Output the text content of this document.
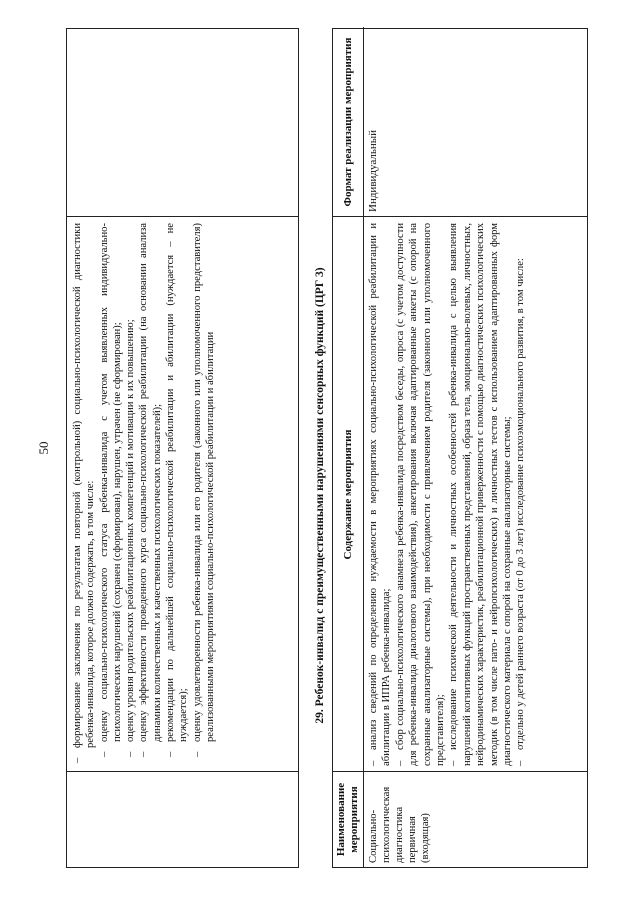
50
–
формирование заключения по результатам повторной (контрольной) социально-психологической диагностики ребенка-инвалида, которое должно содержать, в том числе:
–
оценку социально-психологического статуса ребенка-инвалида с учетом выявленных индивидуально-психологических нарушений (сохранен (сформирован), нарушен, утрачен (не сформирован);
–
оценку уровня родительских реабилитационных компетенций и мотивации к их повышению;
–
оценку эффективности проведенного курса социально-психологической реабилитации (на основании анализа динамики количественных и качественных психологических показателей);
–
рекомендации по дальнейшей социально-психологической реабилитации и абилитации (нуждается – не нуждается);
–
оценку удовлетворенности ребенка-инвалида или его родителя (законного или уполномоченного представителя) реализованными мероприятиями социально-психологической реабилитации и абилитации	29. Ребенок-инвалид с преимущественными нарушениями сенсорных функций (ЦРГ 3)
Наименование мероприятия Социально-психологическая диагностика первичная (входящая)
Содержание мероприятия

–анализ сведений по определению нуждаемости в мероприятиях социально-психологической реабилитации и абилитации в ИПРА ребенка-инвалида; –сбор социально-психологического анамнеза ребенка-инвалида посредством беседы, опроса (с учетом доступности для ребенка-инвалида диалогового взаимодействия), анкетирования включая адаптированные анкеты (с опорой на сохранные анализаторные системы), при необходимости с привлечением родителя (законного или уполномоченного представителя); –исследование психической деятельности и личностных особенностей ребенка-инвалида с целью выявления нарушений когнитивных функций пространственных представлений, образа тела, эмоционально-волевых, личностных, нейродинамических характеристик, реабилитационной приверженности с помощью диагностических психологических методик (в том числе пато- и нейропсихологических) и личностных тестов с использованием адаптированных форм диагностического материала с опорой на сохранные анализаторные системы; –отдельно у детей раннего возраста (от 0 до 3 лет) исследование психоэмоционального развития, в том числе:

Формат реализации мероприятия	Индивидуальный
